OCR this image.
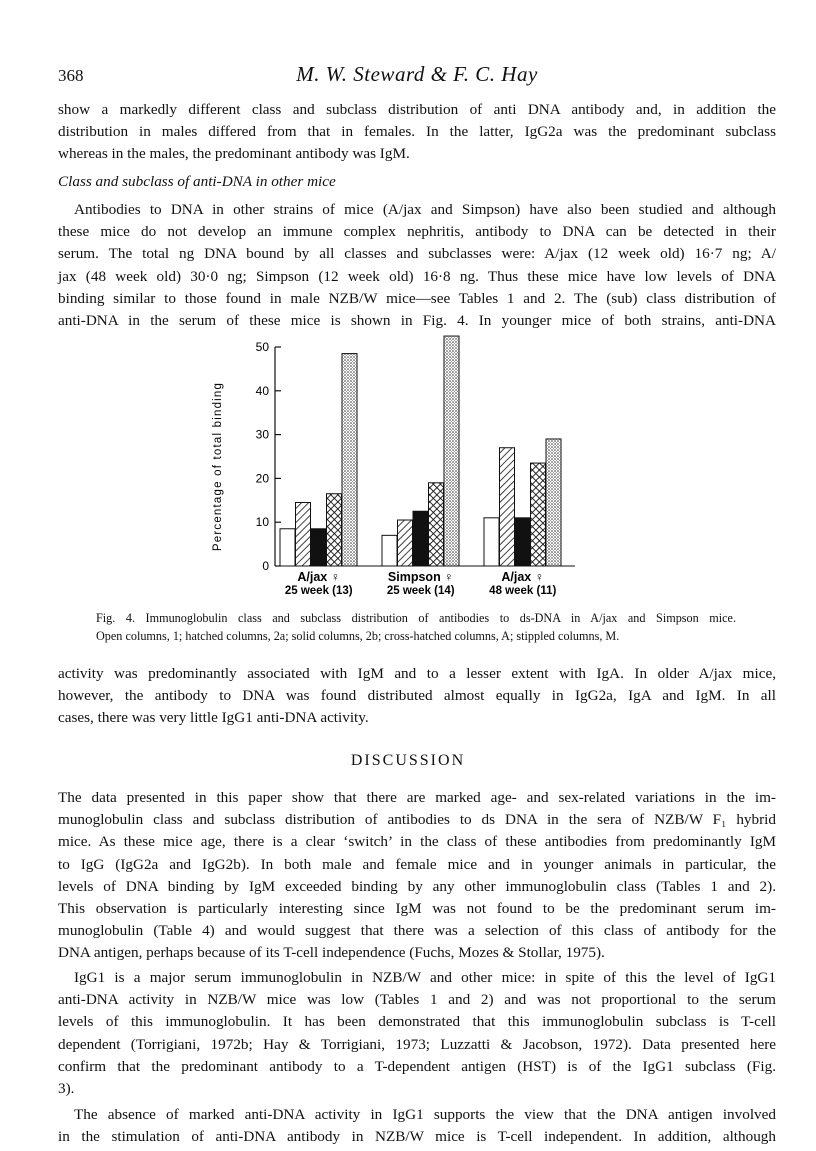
368	M. W. Steward & F. C. Hay
show a markedly different class and subclass distribution of anti DNA antibody and, in addition the
distribution in males differed from that in females. In the latter, IgG2a was the predominant subclass
whereas in the males, the predominant antibody was IgM.
Class and subclass of anti-DNA in other mice
Antibodies to DNA in other strains of mice (A/jax and Simpson) have also been studied and although
these mice do not develop an immune complex nephritis, antibody to DNA can be detected in their
serum. The total ng DNA bound by all classes and subclasses were: A/jax (12 week old) 16·7 ng; A/
jax (48 week old) 30·0 ng; Simpson (12 week old) 16·8 ng. Thus these mice have low levels of DNA
binding similar to those found in male NZB/W mice—see Tables 1 and 2. The (sub) class distribution of
anti-DNA in the serum of these mice is shown in Fig. 4. In younger mice of both strains, anti-DNA
0
10
20
30
40
50
Percentage of total binding
A/jax ♀
25 week (13)
Simpson ♀
25 week (14)
A/jax ♀
48 week (11)
Fig. 4. Immunoglobulin class and subclass distribution of antibodies to ds-DNA in A/jax and Simpson mice.
Open columns, 1; hatched columns, 2a; solid columns, 2b; cross-hatched columns, A; stippled columns, M.
activity was predominantly associated with IgM and to a lesser extent with IgA. In older A/jax mice,
however, the antibody to DNA was found distributed almost equally in IgG2a, IgA and IgM. In all
cases, there was very little IgG1 anti-DNA activity.
DISCUSSION
The data presented in this paper show that there are marked age- and sex-related variations in the im-
munoglobulin class and subclass distribution of antibodies to ds DNA in the sera of NZB/W F₁ hybrid
mice. As these mice age, there is a clear ‘switch’ in the class of these antibodies from predominantly IgM
to IgG (IgG2a and IgG2b). In both male and female mice and in younger animals in particular, the
levels of DNA binding by IgM exceeded binding by any other immunoglobulin class (Tables 1 and 2).
This observation is particularly interesting since IgM was not found to be the predominant serum im-
munoglobulin (Table 4) and would suggest that there was a selection of this class of antibody for the
DNA antigen, perhaps because of its T-cell independence (Fuchs, Mozes & Stollar, 1975).
IgG1 is a major serum immunoglobulin in NZB/W and other mice: in spite of this the level of IgG1
anti-DNA activity in NZB/W mice was low (Tables 1 and 2) and was not proportional to the serum
levels of this immunoglobulin. It has been demonstrated that this immunoglobulin subclass is T-cell
dependent (Torrigiani, 1972b; Hay & Torrigiani, 1973; Luzzatti & Jacobson, 1972). Data presented here
confirm that the predominant antibody to a T-dependent antigen (HST) is of the IgG1 subclass (Fig.
3).
The absence of marked anti-DNA activity in IgG1 supports the view that the DNA antigen involved
in the stimulation of anti-DNA antibody in NZB/W mice is T-cell independent. In addition, although
